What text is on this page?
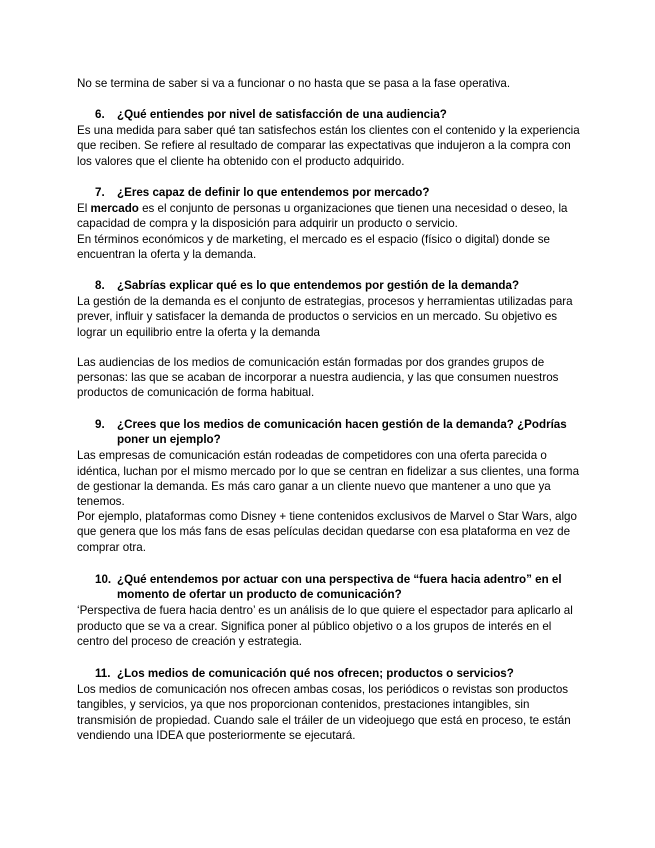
No se termina de saber si va a funcionar o no hasta que se pasa a la fase operativa.

6.	¿Qué entiendes por nivel de satisfacción de una audiencia?

Es una medida para saber qué tan satisfechos están los clientes con el contenido y la experiencia que reciben. Se refiere al resultado de comparar las expectativas que indujeron a la compra con los valores que el cliente ha obtenido con el producto adquirido.

7.	¿Eres capaz de definir lo que entendemos por mercado?

El mercado es el conjunto de personas u organizaciones que tienen una necesidad o deseo, la capacidad de compra y la disposición para adquirir un producto o servicio.

En términos económicos y de marketing, el mercado es el espacio (físico o digital) donde se encuentran la oferta y la demanda.

8.	¿Sabrías explicar qué es lo que entendemos por gestión de la demanda?

La gestión de la demanda es el conjunto de estrategias, procesos y herramientas utilizadas para prever, influir y satisfacer la demanda de productos o servicios en un mercado. Su objetivo es lograr un equilibrio entre la oferta y la demanda

Las audiencias de los medios de comunicación están formadas por dos grandes grupos de personas: las que se acaban de incorporar a nuestra audiencia, y las que consumen nuestros productos de comunicación de forma habitual.

9.	¿Crees que los medios de comunicación hacen gestión de la demanda? ¿Podrías poner un ejemplo?

Las empresas de comunicación están rodeadas de competidores con una oferta parecida o idéntica, luchan por el mismo mercado por lo que se centran en fidelizar a sus clientes, una forma de gestionar la demanda. Es más caro ganar a un cliente nuevo que mantener a uno que ya tenemos.

Por ejemplo, plataformas como Disney + tiene contenidos exclusivos de Marvel o Star Wars, algo que genera que los más fans de esas películas decidan quedarse con esa plataforma en vez de comprar otra.

10. ¿Qué entendemos por actuar con una perspectiva de “fuera hacia adentro” en el momento de ofertar un producto de comunicación?

‘Perspectiva de fuera hacia dentro’ es un análisis de lo que quiere el espectador para aplicarlo al producto que se va a crear. Significa poner al público objetivo o a los grupos de interés en el centro del proceso de creación y estrategia.

11. ¿Los medios de comunicación qué nos ofrecen; productos o servicios?

Los medios de comunicación nos ofrecen ambas cosas, los periódicos o revistas son productos tangibles, y servicios, ya que nos proporcionan contenidos, prestaciones intangibles, sin transmisión de propiedad. Cuando sale el tráiler de un videojuego que está en proceso, te están vendiendo una IDEA que posteriormente se ejecutará.
